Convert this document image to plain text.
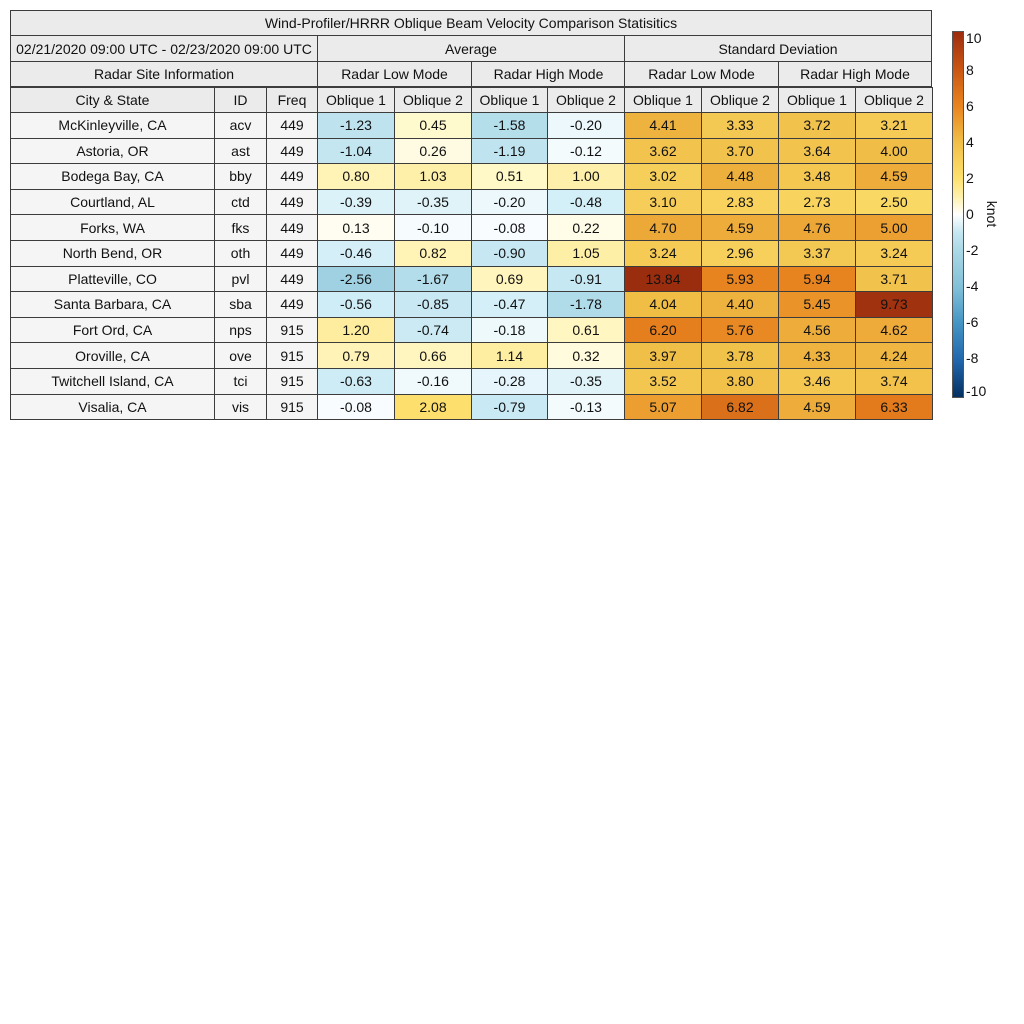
Wind-Profiler/HRRR Oblique Beam Velocity Comparison Statisitics
02/21/2020 09:00 UTC - 02/23/2020 09:00 UTC	Average	Standard Deviation
Radar Site Information	Radar Low Mode	Radar High Mode	Radar Low Mode	Radar High Mode
City & State	ID	Freq	Oblique 1	Oblique 2	Oblique 1	Oblique 2	Oblique 1	Oblique 2	Oblique 1	Oblique 2
McKinleyville, CA	acv	449	-1.23	0.45	-1.58	-0.20	4.41	3.33	3.72	3.21
Astoria, OR	ast	449	-1.04	0.26	-1.19	-0.12	3.62	3.70	3.64	4.00
Bodega Bay, CA	bby	449	0.80	1.03	0.51	1.00	3.02	4.48	3.48	4.59
Courtland, AL	ctd	449	-0.39	-0.35	-0.20	-0.48	3.10	2.83	2.73	2.50
Forks, WA	fks	449	0.13	-0.10	-0.08	0.22	4.70	4.59	4.76	5.00
North Bend, OR	oth	449	-0.46	0.82	-0.90	1.05	3.24	2.96	3.37	3.24
Platteville, CO	pvl	449	-2.56	-1.67	0.69	-0.91	13.84	5.93	5.94	3.71
Santa Barbara, CA	sba	449	-0.56	-0.85	-0.47	-1.78	4.04	4.40	5.45	9.73
Fort Ord, CA	nps	915	1.20	-0.74	-0.18	0.61	6.20	5.76	4.56	4.62
Oroville, CA	ove	915	0.79	0.66	1.14	0.32	3.97	3.78	4.33	4.24
Twitchell Island, CA	tci	915	-0.63	-0.16	-0.28	-0.35	3.52	3.80	3.46	3.74
Visalia, CA	vis	915	-0.08	2.08	-0.79	-0.13	5.07	6.82	4.59	6.33
10
8
6
4
2
0
-2
-4
-6
-8
-10
knot
